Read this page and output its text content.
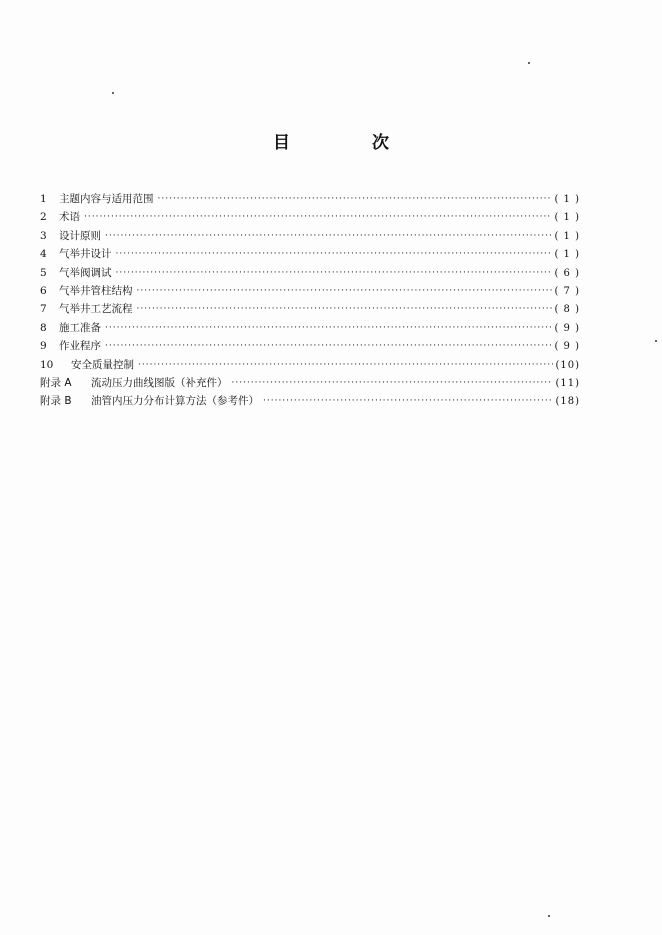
目 次
1	主题内容与适用范围 ·····	( 1 )
2	术语 ·····	( 1 )
3	设计原则 ·····	( 1 )
4	气举井设计 ·····	( 1 )
5	气举阀调试 ·····	( 6 )
6	气举井管柱结构 ·····	( 7 )
7	气举井工艺流程 ·····	( 8 )
8	施工准备 ·····	( 9 )
9	作业程序 ·····	( 9 )
10	安全质量控制 ·····	(10)
附录 A	流动压力曲线图版（补充件） ·····	(11)
附录 B	油管内压力分布计算方法（参考件） ·····	(18)
